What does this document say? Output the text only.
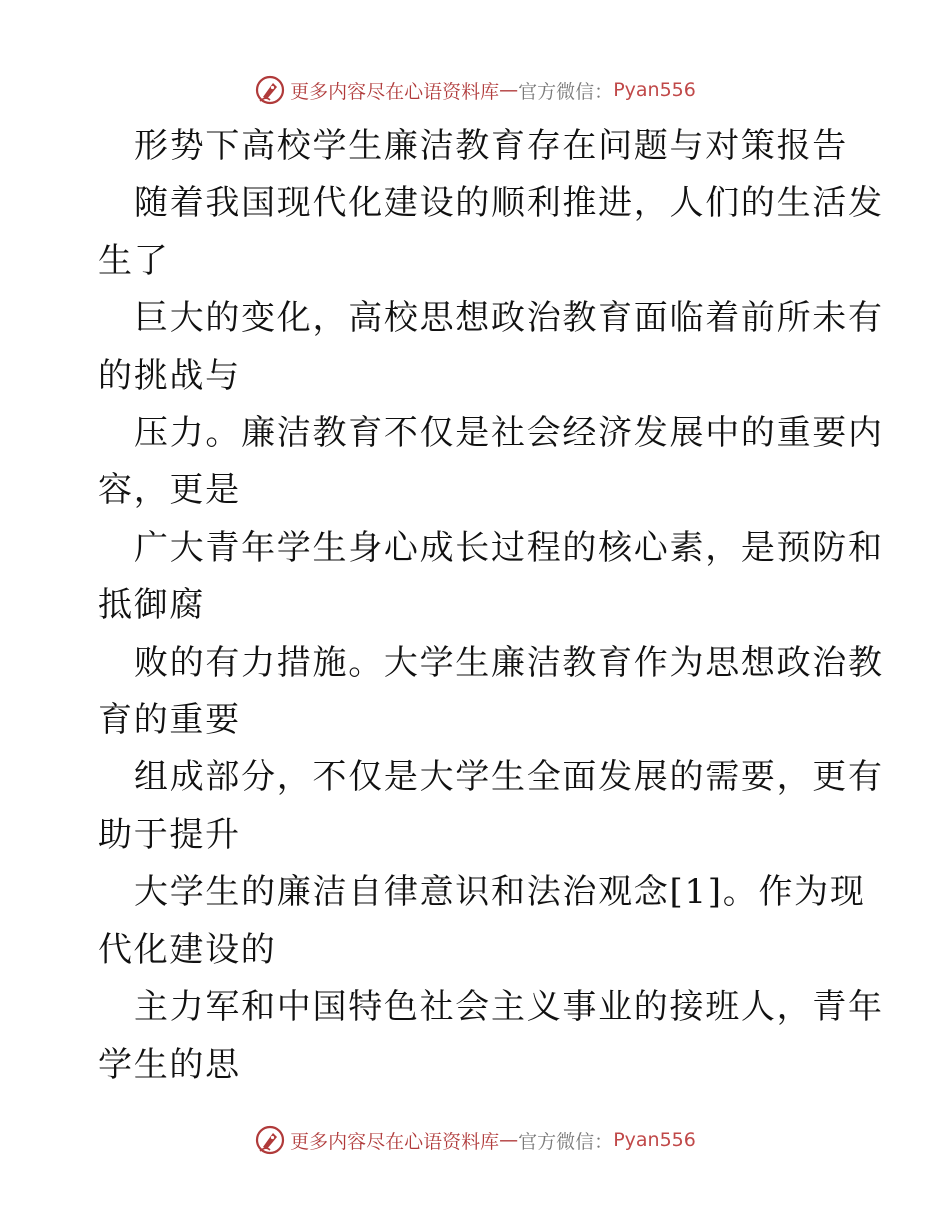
更多内容尽在心语资料库 — 官方微信： Pyan556

形势下高校学生廉洁教育存在问题与对策报告

随着我国现代化建设的顺利推进，人们的生活发

生了

巨大的变化，高校思想政治教育面临着前所未有

的挑战与

压力。廉洁教育不仅是社会经济发展中的重要内

容，更是

广大青年学生身心成长过程的核心素，是预防和

抵御腐

败的有力措施。大学生廉洁教育作为思想政治教

育的重要

组成部分，不仅是大学生全面发展的需要，更有

助于提升

大学生的廉洁自律意识和法治观念[1]。作为现

代化建设的

主力军和中国特色社会主义事业的接班人，青年

学生的思

更多内容尽在心语资料库 — 官方微信： Pyan556
